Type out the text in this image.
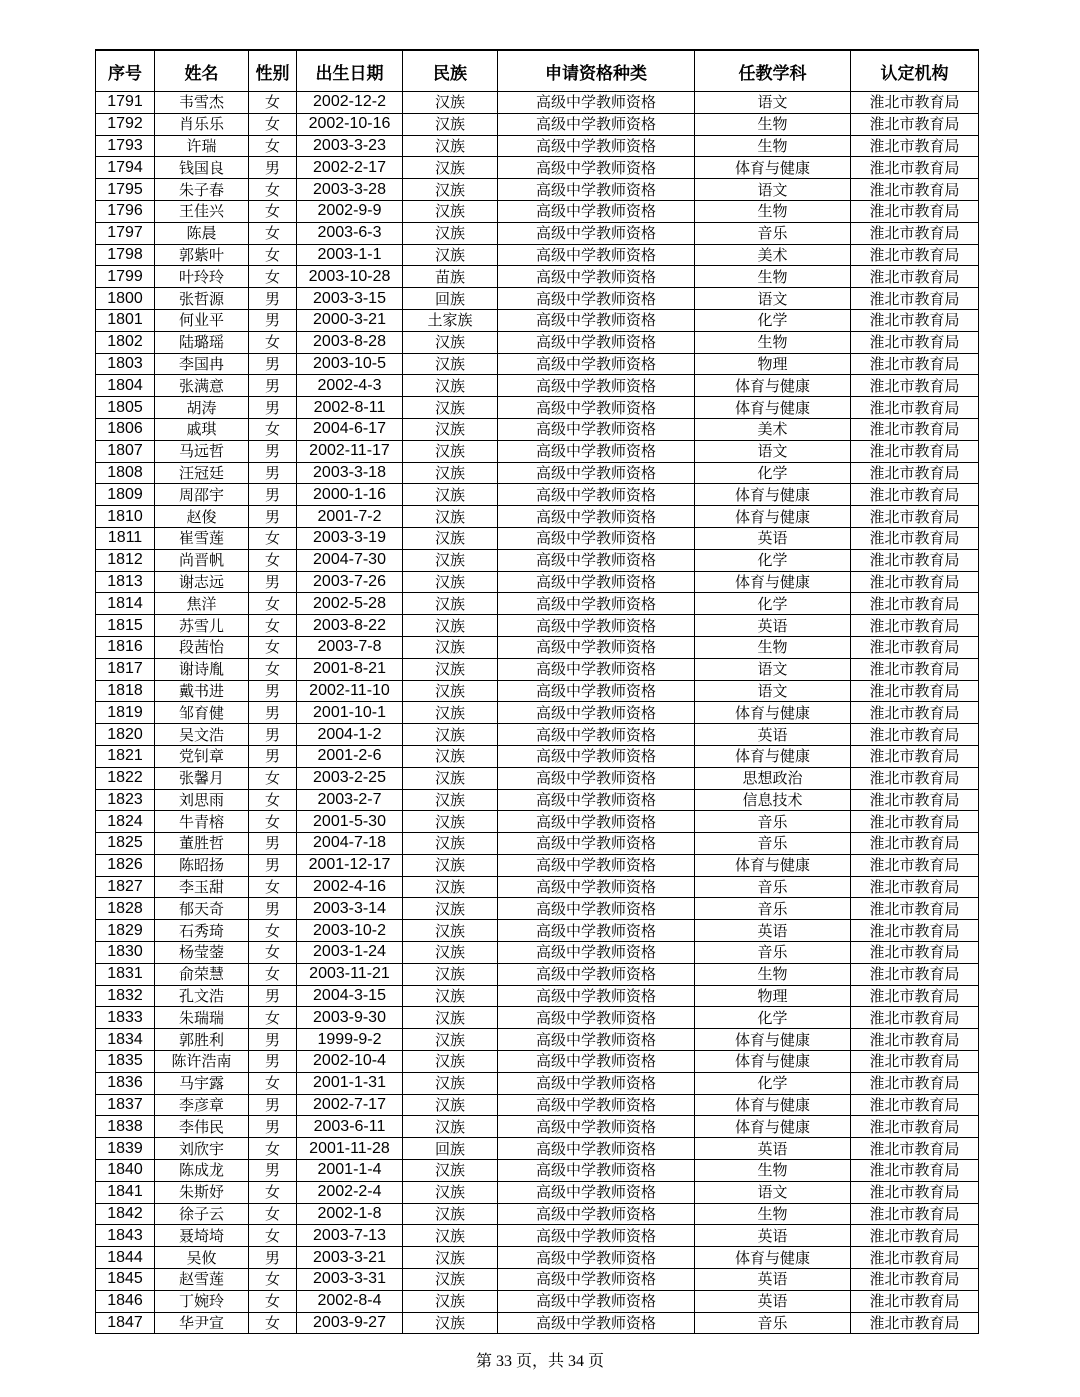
序号	姓名	性别	出生日期	民族	申请资格种类	任教学科	认定机构
1791	韦雪杰	女	2002-12-2	汉族	高级中学教师资格	语文	淮北市教育局
1792	肖乐乐	女	2002-10-16	汉族	高级中学教师资格	生物	淮北市教育局
1793	许瑞	女	2003-3-23	汉族	高级中学教师资格	生物	淮北市教育局
1794	钱国良	男	2002-2-17	汉族	高级中学教师资格	体育与健康	淮北市教育局
1795	朱子春	女	2003-3-28	汉族	高级中学教师资格	语文	淮北市教育局
1796	王佳兴	女	2002-9-9	汉族	高级中学教师资格	生物	淮北市教育局
1797	陈晨	女	2003-6-3	汉族	高级中学教师资格	音乐	淮北市教育局
1798	郭紫叶	女	2003-1-1	汉族	高级中学教师资格	美术	淮北市教育局
1799	叶玲玲	女	2003-10-28	苗族	高级中学教师资格	生物	淮北市教育局
1800	张哲源	男	2003-3-15	回族	高级中学教师资格	语文	淮北市教育局
1801	何业平	男	2000-3-21	土家族	高级中学教师资格	化学	淮北市教育局
1802	陆璐瑶	女	2003-8-28	汉族	高级中学教师资格	生物	淮北市教育局
1803	李国冉	男	2003-10-5	汉族	高级中学教师资格	物理	淮北市教育局
1804	张满意	男	2002-4-3	汉族	高级中学教师资格	体育与健康	淮北市教育局
1805	胡涛	男	2002-8-11	汉族	高级中学教师资格	体育与健康	淮北市教育局
1806	戚琪	女	2004-6-17	汉族	高级中学教师资格	美术	淮北市教育局
1807	马远哲	男	2002-11-17	汉族	高级中学教师资格	语文	淮北市教育局
1808	汪冠廷	男	2003-3-18	汉族	高级中学教师资格	化学	淮北市教育局
1809	周邵宇	男	2000-1-16	汉族	高级中学教师资格	体育与健康	淮北市教育局
1810	赵俊	男	2001-7-2	汉族	高级中学教师资格	体育与健康	淮北市教育局
1811	崔雪莲	女	2003-3-19	汉族	高级中学教师资格	英语	淮北市教育局
1812	尚晋帆	女	2004-7-30	汉族	高级中学教师资格	化学	淮北市教育局
1813	谢志远	男	2003-7-26	汉族	高级中学教师资格	体育与健康	淮北市教育局
1814	焦洋	女	2002-5-28	汉族	高级中学教师资格	化学	淮北市教育局
1815	苏雪儿	女	2003-8-22	汉族	高级中学教师资格	英语	淮北市教育局
1816	段茜怡	女	2003-7-8	汉族	高级中学教师资格	生物	淮北市教育局
1817	谢诗胤	女	2001-8-21	汉族	高级中学教师资格	语文	淮北市教育局
1818	戴书进	男	2002-11-10	汉族	高级中学教师资格	语文	淮北市教育局
1819	邹育健	男	2001-10-1	汉族	高级中学教师资格	体育与健康	淮北市教育局
1820	吴文浩	男	2004-1-2	汉族	高级中学教师资格	英语	淮北市教育局
1821	党钊章	男	2001-2-6	汉族	高级中学教师资格	体育与健康	淮北市教育局
1822	张馨月	女	2003-2-25	汉族	高级中学教师资格	思想政治	淮北市教育局
1823	刘思雨	女	2003-2-7	汉族	高级中学教师资格	信息技术	淮北市教育局
1824	牛青榕	女	2001-5-30	汉族	高级中学教师资格	音乐	淮北市教育局
1825	董胜哲	男	2004-7-18	汉族	高级中学教师资格	音乐	淮北市教育局
1826	陈昭扬	男	2001-12-17	汉族	高级中学教师资格	体育与健康	淮北市教育局
1827	李玉甜	女	2002-4-16	汉族	高级中学教师资格	音乐	淮北市教育局
1828	郁天奇	男	2003-3-14	汉族	高级中学教师资格	音乐	淮北市教育局
1829	石秀琦	女	2003-10-2	汉族	高级中学教师资格	英语	淮北市教育局
1830	杨莹蓥	女	2003-1-24	汉族	高级中学教师资格	音乐	淮北市教育局
1831	俞荣慧	女	2003-11-21	汉族	高级中学教师资格	生物	淮北市教育局
1832	孔文浩	男	2004-3-15	汉族	高级中学教师资格	物理	淮北市教育局
1833	朱瑞瑞	女	2003-9-30	汉族	高级中学教师资格	化学	淮北市教育局
1834	郭胜利	男	1999-9-2	汉族	高级中学教师资格	体育与健康	淮北市教育局
1835	陈许浩南	男	2002-10-4	汉族	高级中学教师资格	体育与健康	淮北市教育局
1836	马宇露	女	2001-1-31	汉族	高级中学教师资格	化学	淮北市教育局
1837	李彦章	男	2002-7-17	汉族	高级中学教师资格	体育与健康	淮北市教育局
1838	李伟民	男	2003-6-11	汉族	高级中学教师资格	体育与健康	淮北市教育局
1839	刘欣宇	女	2001-11-28	回族	高级中学教师资格	英语	淮北市教育局
1840	陈成龙	男	2001-1-4	汉族	高级中学教师资格	生物	淮北市教育局
1841	朱斯妤	女	2002-2-4	汉族	高级中学教师资格	语文	淮北市教育局
1842	徐子云	女	2002-1-8	汉族	高级中学教师资格	生物	淮北市教育局
1843	聂埼埼	女	2003-7-13	汉族	高级中学教师资格	英语	淮北市教育局
1844	吴攸	男	2003-3-21	汉族	高级中学教师资格	体育与健康	淮北市教育局
1845	赵雪莲	女	2003-3-31	汉族	高级中学教师资格	英语	淮北市教育局
1846	丁婉玲	女	2002-8-4	汉族	高级中学教师资格	英语	淮北市教育局
1847	华尹宣	女	2003-9-27	汉族	高级中学教师资格	音乐	淮北市教育局
第 33 页，共 34 页
